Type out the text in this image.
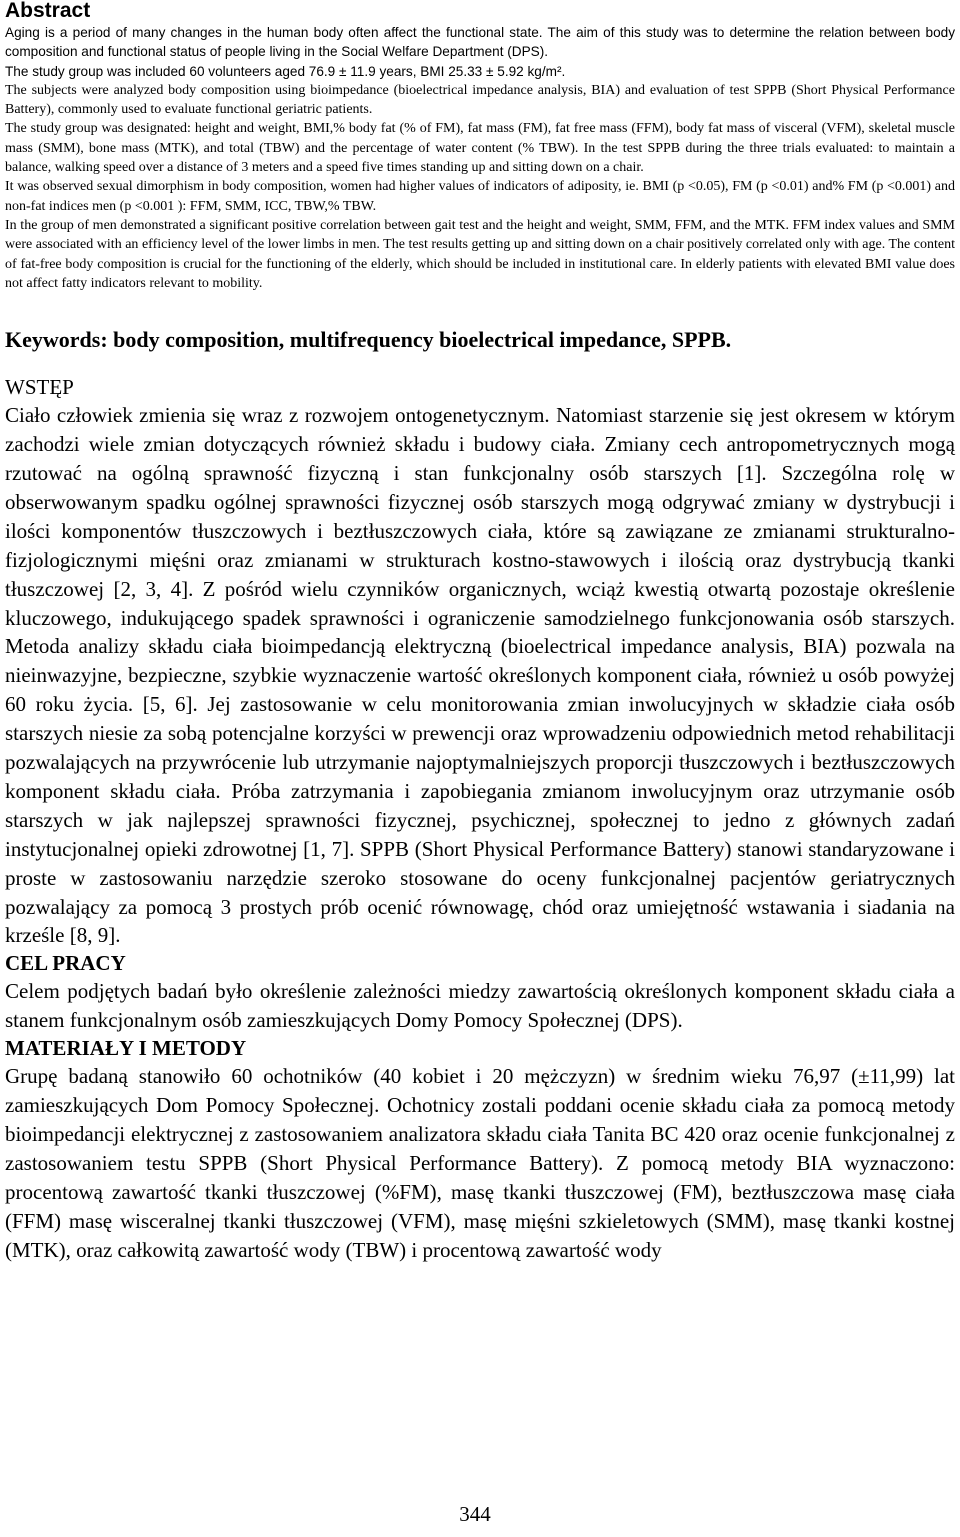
Abstract

Aging is a period of many changes in the human body often affect the functional state. The aim of this study was to determine the relation between body composition and functional status of people living in the Social Welfare Department (DPS).

The study group was included 60 volunteers aged 76.9 ± 11.9 years, BMI 25.33 ± 5.92 kg/m².

The subjects were analyzed body composition using bioimpedance (bioelectrical impedance analysis, BIA) and evaluation of test SPPB (Short Physical Performance Battery), commonly used to evaluate functional geriatric patients.

The study group was designated: height and weight, BMI,% body fat (% of FM), fat mass (FM), fat free mass (FFM), body fat mass of visceral (VFM), skeletal muscle mass (SMM), bone mass (MTK), and total (TBW) and the percentage of water content (% TBW). In the test SPPB during the three trials evaluated: to maintain a balance, walking speed over a distance of 3 meters and a speed five times standing up and sitting down on a chair.

It was observed sexual dimorphism in body composition, women had higher values of indicators of adiposity, ie. BMI (p <0.05), FM (p <0.01) and% FM (p <0.001) and non-fat indices men (p <0.001 ): FFM, SMM, ICC, TBW,% TBW.

In the group of men demonstrated a significant positive correlation between gait test and the height and weight, SMM, FFM, and the MTK. FFM index values and SMM were associated with an efficiency level of the lower limbs in men. The test results getting up and sitting down on a chair positively correlated only with age. The content of fat-free body composition is crucial for the functioning of the elderly, which should be included in institutional care. In elderly patients with elevated BMI value does not affect fatty indicators relevant to mobility.

Keywords: body composition, multifrequency bioelectrical impedance, SPPB.

WSTĘP

Ciało człowiek zmienia się wraz z rozwojem ontogenetycznym. Natomiast starzenie się jest okresem w którym zachodzi wiele zmian dotyczących również składu i budowy ciała. Zmiany cech antropometrycznych mogą rzutować na ogólną sprawność fizyczną i stan funkcjonalny osób starszych [1]. Szczególna rolę w obserwowanym spadku ogólnej sprawności fizycznej osób starszych mogą odgrywać zmiany w dystrybucji i ilości komponentów tłuszczowych i beztłuszczowych ciała, które są zawiązane ze zmianami strukturalno-fizjologicznymi mięśni oraz zmianami w strukturach kostno-stawowych i ilością oraz dystrybucją tkanki tłuszczowej [2, 3, 4]. Z pośród wielu czynników organicznych, wciąż kwestią otwartą pozostaje określenie kluczowego, indukującego spadek sprawności i ograniczenie samodzielnego funkcjonowania osób starszych. Metoda analizy składu ciała bioimpedancją elektryczną (bioelectrical impedance analysis, BIA) pozwala na nieinwazyjne, bezpieczne, szybkie wyznaczenie wartość określonych komponent ciała, również u osób powyżej 60 roku życia. [5, 6]. Jej zastosowanie w celu monitorowania zmian inwolucyjnych w składzie ciała osób starszych niesie za sobą potencjalne korzyści w prewencji oraz wprowadzeniu odpowiednich metod rehabilitacji pozwalających na przywrócenie lub utrzymanie najoptymalniejszych proporcji tłuszczowych i beztłuszczowych komponent składu ciała. Próba zatrzymania i zapobiegania zmianom inwolucyjnym oraz utrzymanie osób starszych w jak najlepszej sprawności fizycznej, psychicznej, społecznej to jedno z głównych zadań instytucjonalnej opieki zdrowotnej [1, 7]. SPPB (Short Physical Performance Battery) stanowi standaryzowane i proste w zastosowaniu narzędzie szeroko stosowane do oceny funkcjonalnej pacjentów geriatrycznych pozwalający za pomocą 3 prostych prób ocenić równowagę, chód oraz umiejętność wstawania i siadania na krześle [8, 9].

CEL PRACY

Celem podjętych badań było określenie zależności miedzy zawartością określonych komponent składu ciała a stanem funkcjonalnym osób zamieszkujących Domy Pomocy Społecznej (DPS).

MATERIAŁY I METODY

Grupę badaną stanowiło 60 ochotników (40 kobiet i 20 mężczyzn) w średnim wieku 76,97 (±11,99) lat zamieszkujących Dom Pomocy Społecznej. Ochotnicy zostali poddani ocenie składu ciała za pomocą metody bioimpedancji elektrycznej z zastosowaniem analizatora składu ciała Tanita BC 420 oraz ocenie funkcjonalnej z zastosowaniem testu SPPB (Short Physical Performance Battery). Z pomocą metody BIA wyznaczono: procentową zawartość tkanki tłuszczowej (%FM), masę tkanki tłuszczowej (FM), beztłuszczowa masę ciała (FFM) masę wisceralnej tkanki tłuszczowej (VFM), masę mięśni szkieletowych (SMM), masę tkanki kostnej (MTK), oraz całkowitą zawartość wody (TBW) i procentową zawartość wody

344
